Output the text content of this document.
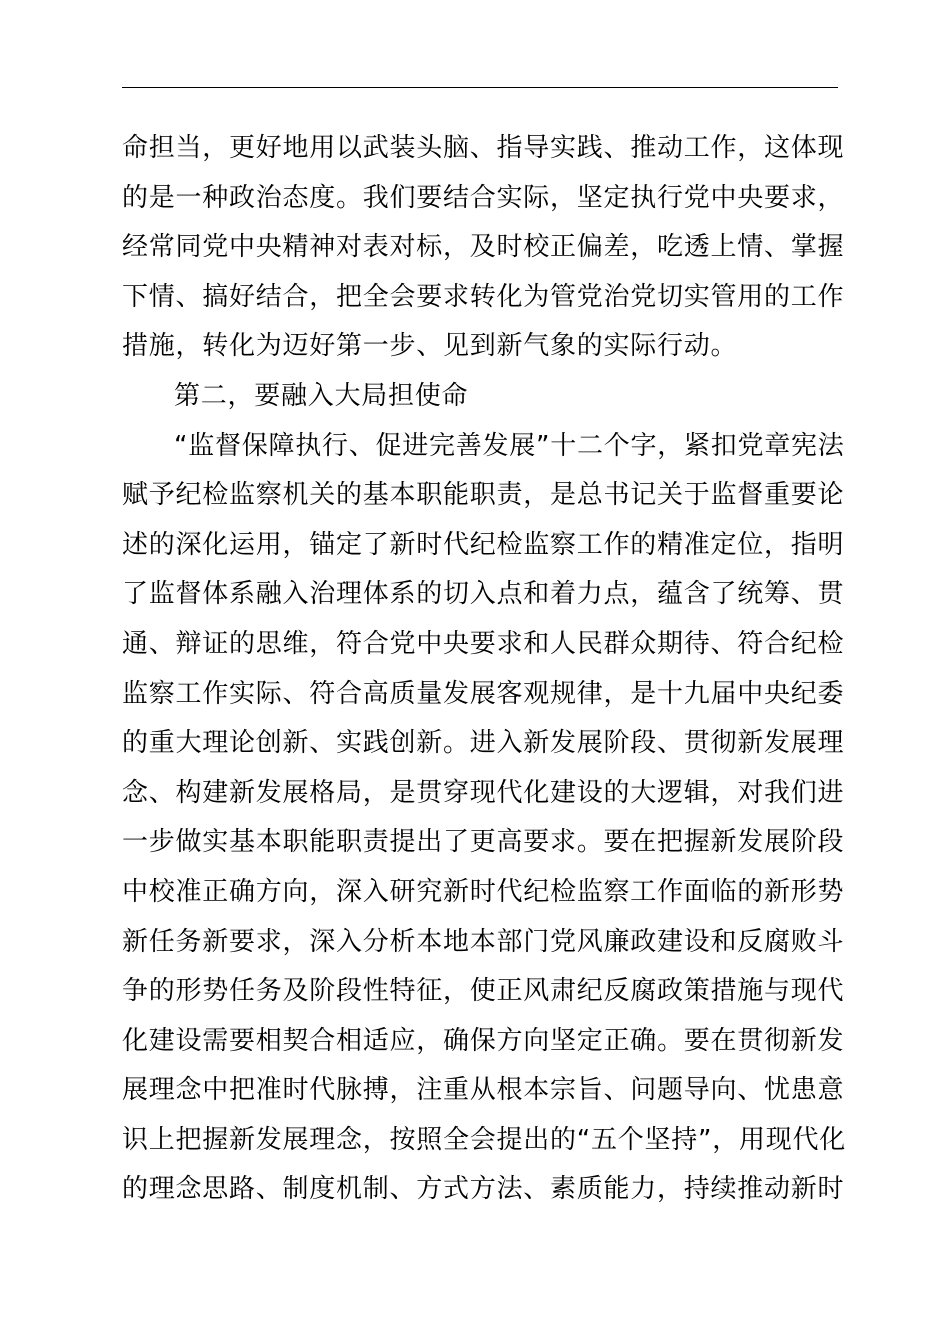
命担当，更好地用以武装头脑、指导实践、推动工作，这体现
的是一种政治态度。我们要结合实际，坚定执行党中央要求，
经常同党中央精神对表对标，及时校正偏差，吃透上情、掌握
下情、搞好结合，把全会要求转化为管党治党切实管用的工作
措施，转化为迈好第一步、见到新气象的实际行动。
第二，要融入大局担使命
“监督保障执行、促进完善发展”十二个字，紧扣党章宪法
赋予纪检监察机关的基本职能职责，是总书记关于监督重要论
述的深化运用，锚定了新时代纪检监察工作的精准定位，指明
了监督体系融入治理体系的切入点和着力点，蕴含了统筹、贯
通、辩证的思维，符合党中央要求和人民群众期待、符合纪检
监察工作实际、符合高质量发展客观规律，是十九届中央纪委
的重大理论创新、实践创新。进入新发展阶段、贯彻新发展理
念、构建新发展格局，是贯穿现代化建设的大逻辑，对我们进
一步做实基本职能职责提出了更高要求。要在把握新发展阶段
中校准正确方向，深入研究新时代纪检监察工作面临的新形势
新任务新要求，深入分析本地本部门党风廉政建设和反腐败斗
争的形势任务及阶段性特征，使正风肃纪反腐政策措施与现代
化建设需要相契合相适应，确保方向坚定正确。要在贯彻新发
展理念中把准时代脉搏，注重从根本宗旨、问题导向、忧患意
识上把握新发展理念，按照全会提出的“五个坚持”，用现代化
的理念思路、制度机制、方式方法、素质能力，持续推动新时
